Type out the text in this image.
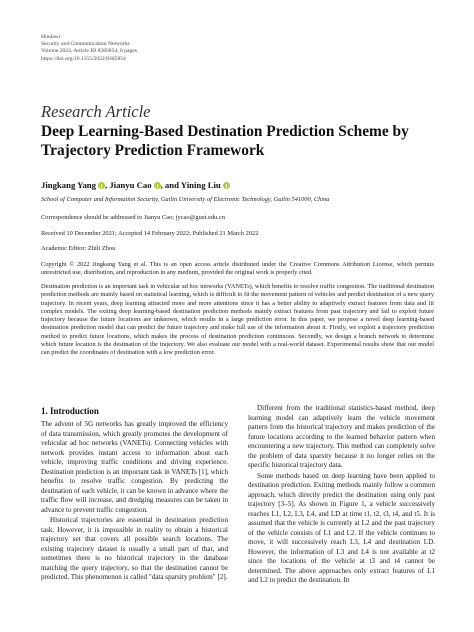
Hindawi
Security and Communication Networks
Volume 2022, Article ID 8385854, 8 pages
https://doi.org/10.1155/2022/8385854
Research Article
Deep Learning-Based Destination Prediction Scheme by Trajectory Prediction Framework
Jingkang Yang , Jianyu Cao , and Yining Liu
School of Computer and Information Security, Guilin University of Electronic Technology, Guilin 541000, China
Correspondence should be addressed to Jianyu Cao; jycao@guet.edu.cn
Received 10 December 2021; Accepted 14 February 2022; Published 21 March 2022
Academic Editor: Zhili Zhou
Copyright © 2022 Jingkang Yang et al. This is an open access article distributed under the Creative Commons Attribution License, which permits unrestricted use, distribution, and reproduction in any medium, provided the original work is properly cited.
Destination prediction is an important task in vehicular ad hoc networks (VANETs), which benefits to resolve traffic congestion. The traditional destination prediction methods are mainly based on statistical learning, which is difficult to fit the movement pattern of vehicles and predict destination of a new query trajectory. In recent years, deep learning attracted more and more attentions since it has a better ability to adaptively extract features from data and fit complex models. The exiting deep learning-based destination prediction methods mainly extract features from past trajectory and fail to exploit future trajectory because the future locations are unknown, which results in a large prediction error. In this paper, we propose a novel deep learning-based destination prediction model that can predict the future trajectory and make full use of the information about it. Firstly, we exploit a trajectory prediction method to predict future locations, which makes the process of destination prediction continuous. Secondly, we design a branch network to determine which future location is the destination of the trajectory. We also evaluate our model with a real-world dataset. Experimental results show that our model can predict the coordinates of destination with a low prediction error.
1. Introduction

The advent of 5G networks has greatly improved the efficiency of data transmission, which greatly promotes the development of vehicular ad hoc networks (VANETs). Connecting vehicles with network provides instant access to information about each vehicle, improving traffic conditions and driving experience. Destination prediction is an important task in VANETs [1], which benefits to resolve traffic congestion. By predicting the destination of each vehicle, it can be known in advance where the traffic flow will increase, and dredging measures can be taken in advance to prevent traffic congestion.

Historical trajectories are essential in destination prediction task. However, it is impossible in reality to obtain a historical trajectory set that covers all possible search locations. The existing trajectory dataset is usually a small part of that, and sometimes there is no historical trajectory in the database matching the query trajectory, so that the destination cannot be predicted. This phenomenon is called "data sparsity problem" [2].

Different from the traditional statistics-based method, deep learning model can adaptively learn the vehicle movement pattern from the historical trajectory and makes prediction of the future locations according to the learned behavior pattern when encountering a new trajectory. This method can completely solve the problem of data sparsity because it no longer relies on the specific historical trajectory data.

Some methods based on deep learning have been applied to destination prediction. Exiting methods mainly follow a common approach, which directly predict the destination using only past trajectory [3–5]. As shown in Figure 1, a vehicle successively reaches L1, L2, L3, L4, and LD at time t1, t2, t3, t4, and t5. It is assumed that the vehicle is currently at L2 and the past trajectory of the vehicle consists of L1 and L2. If the vehicle continues to move, it will successively reach L3, L4 and destination LD. However, the information of L3 and L4 is not available at t2 since the locations of the vehicle at t3 and t4 cannot be determined. The above approaches only extract features of L1 and L2 to predict the destination. In
